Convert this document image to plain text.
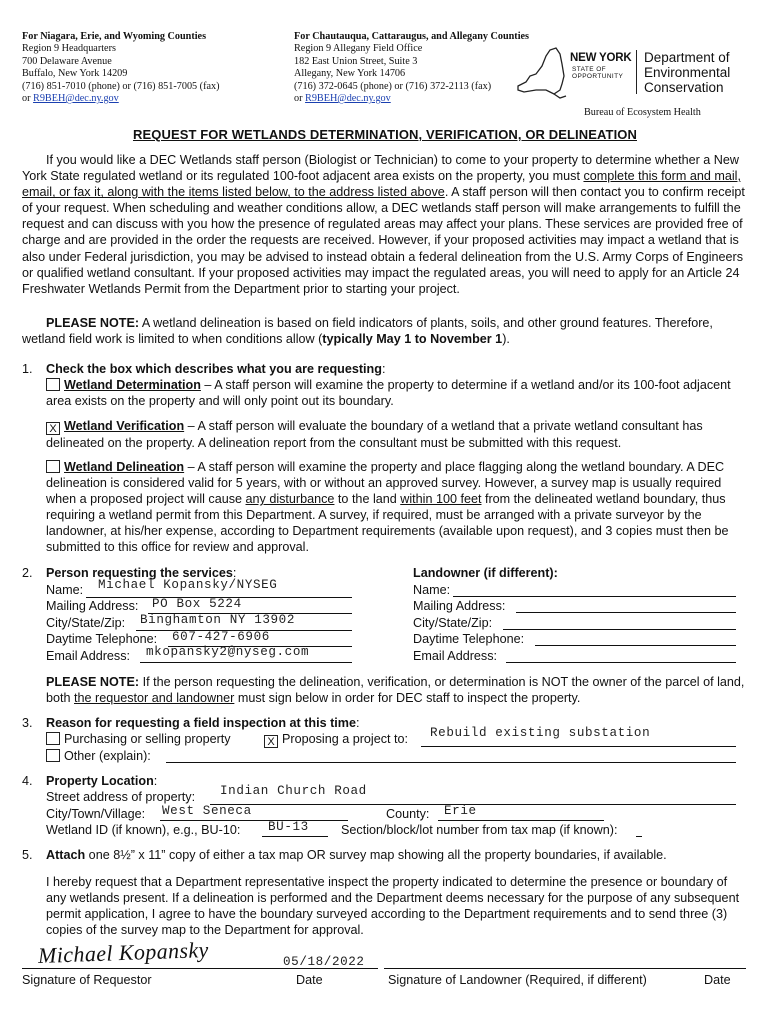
For Niagara, Erie, and Wyoming Counties
Region 9 Headquarters
700 Delaware Avenue
Buffalo, New York 14209
(716) 851-7010 (phone) or (716) 851-7005 (fax)
or R9BEH@dec.ny.gov
For Chautauqua, Cattaraugus, and Allegany Counties
Region 9 Allegany Field Office
182 East Union Street, Suite 3
Allegany, New York 14706
(716) 372-0645 (phone) or (716) 372-2113 (fax)
or R9BEH@dec.ny.gov
NEW YORK
STATE OF
OPPORTUNITY
Department of
Environmental
Conservation
Bureau of Ecosystem Health
REQUEST FOR WETLANDS DETERMINATION, VERIFICATION, OR DELINEATION
If you would like a DEC Wetlands staff person (Biologist or Technician) to come to your property to determine whether a New York State regulated wetland or its regulated 100-foot adjacent area exists on the property, you must complete this form and mail, email, or fax it, along with the items listed below, to the address listed above. A staff person will then contact you to confirm receipt of your request. When scheduling and weather conditions allow, a DEC wetlands staff person will make arrangements to fulfill the request and can discuss with you how the presence of regulated areas may affect your plans. These services are provided free of charge and are provided in the order the requests are received. However, if your proposed activities may impact a wetland that is also under Federal jurisdiction, you may be advised to instead obtain a federal delineation from the U.S. Army Corps of Engineers or qualified wetland consultant. If your proposed activities may impact the regulated areas, you will need to apply for an Article 24 Freshwater Wetlands Permit from the Department prior to starting your project.
PLEASE NOTE: A wetland delineation is based on field indicators of plants, soils, and other ground features. Therefore, wetland field work is limited to when conditions allow (typically May 1 to November 1).
1. Check the box which describes what you are requesting:
Wetland Determination – A staff person will examine the property to determine if a wetland and/or its 100-foot adjacent area exists on the property and will only point out its boundary.
X Wetland Verification – A staff person will evaluate the boundary of a wetland that a private wetland consultant has delineated on the property. A delineation report from the consultant must be submitted with this request.
Wetland Delineation – A staff person will examine the property and place flagging along the wetland boundary. A DEC delineation is considered valid for 5 years, with or without an approved survey. However, a survey map is usually required when a proposed project will cause any disturbance to the land within 100 feet from the delineated wetland boundary, thus requiring a wetland permit from this Department. A survey, if required, must be arranged with a private surveyor by the landowner, at his/her expense, according to Department requirements (available upon request), and 3 copies must then be submitted to this office for review and approval.
2. Person requesting the services:
Name: Michael Kopansky/NYSEG
Mailing Address: PO Box 5224
City/State/Zip: Binghamton NY 13902
Daytime Telephone: 607-427-6906
Email Address: mkopansky2@nyseg.com
Landowner (if different):
Name:
Mailing Address:
City/State/Zip:
Daytime Telephone:
Email Address:
PLEASE NOTE: If the person requesting the delineation, verification, or determination is NOT the owner of the parcel of land, both the requestor and landowner must sign below in order for DEC staff to inspect the property.
3. Reason for requesting a field inspection at this time:
Purchasing or selling property	X Proposing a project to: Rebuild existing substation
Other (explain):
4. Property Location:
Street address of property: Indian Church Road
City/Town/Village: West Seneca	County: Erie
Wetland ID (if known), e.g., BU-10: BU-13	Section/block/lot number from tax map (if known):
5. Attach one 8½” x 11” copy of either a tax map OR survey map showing all the property boundaries, if available.
I hereby request that a Department representative inspect the property indicated to determine the presence or boundary of any wetlands present. If a delineation is performed and the Department deems necessary for the purpose of any subsequent permit application, I agree to have the boundary surveyed according to the Department requirements and to send three (3) copies of the survey map to the Department for approval.
Michael Kopansky	05/18/2022
Signature of Requestor	Date	Signature of Landowner (Required, if different)	Date
